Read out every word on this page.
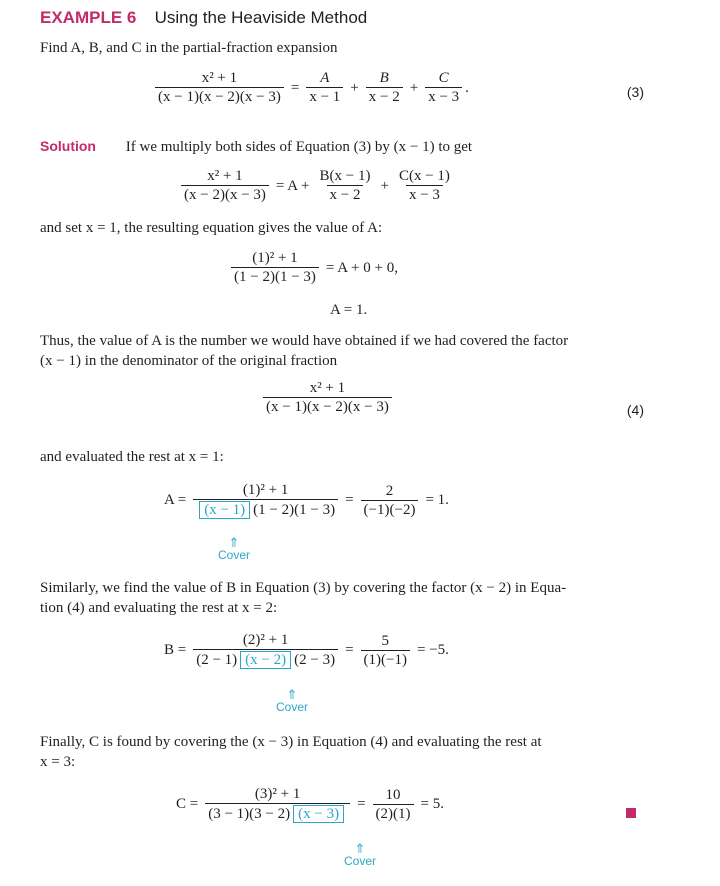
EXAMPLE 6 Using the Heaviside Method
Find A, B, and C in the partial-fraction expansion
$\frac{\text{x² + 1}}{(x - 1)(x - 2)(x - 3)} = \frac{A}{x - 1} + \frac{B}{x - 2} + \frac{C}{x - 3}$ .	(3)
Solution If we multiply both sides of Equation (3) by (x − 1) to get
$\frac{\text{x² + 1}}{(x - 2)(x - 3)} = A + \frac{B(x - 1)}{x - 2} + \frac{C(x - 1)}{x - 3}$
and set x = 1, the resulting equation gives the value of A:
$\frac{\text{(1)² + 1}}{(1 - 2)(1 - 3)} = A + 0 + 0$,
A = 1.
Thus, the value of A is the number we would have obtained if we had covered the factor
(x − 1) in the denominator of the original fraction
$\frac{\text{x² + 1}}{(x - 1)(x - 2)(x - 3)}$	(4)
and evaluated the rest at x = 1:
$A = \frac{\text{(1)² + 1}}{(x - 1) (1 - 2)(1 - 3)} = \frac{2}{(-1)(-2)} = 1$.
⇑
Cover
Similarly, we find the value of B in Equation (3) by covering the factor (x − 2) in Equa-
tion (4) and evaluating the rest at x = 2:
$B = \frac{\text{(2)² + 1}}{(2 - 1) (x - 2) (2 - 3)} = \frac{5}{(1)(-1)} = -5$.
⇑
Cover
Finally, C is found by covering the (x − 3) in Equation (4) and evaluating the rest at
x = 3:
$C = \frac{\text{(3)² + 1}}{(3 - 1)(3 - 2) (x - 3)} = \frac{10}{(2)(1)} = 5$.
⇑
Cover
